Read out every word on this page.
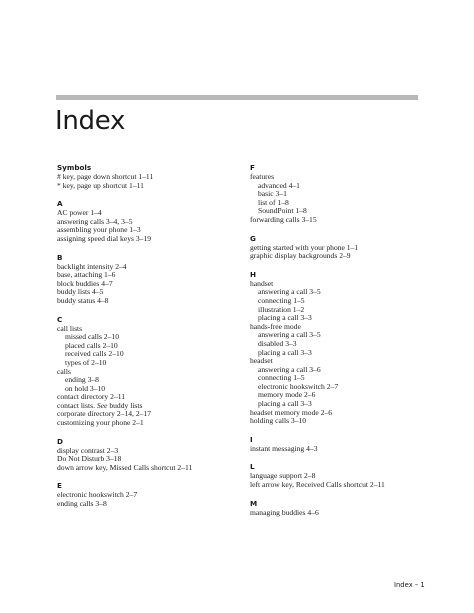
Index
Symbols
# key, page down shortcut 1–11
* key, page up shortcut 1–11
A
AC power 1–4
answering calls 3–4, 3–5
assembling your phone 1–3
assigning speed dial keys 3–19
B
backlight intensity 2–4
base, attaching 1–6
block buddies 4–7
buddy lists 4–5
buddy status 4–8
C
call lists
missed calls 2–10
placed calls 2–10
received calls 2–10
types of 2–10
calls
ending 3–8
on hold 3–10
contact directory 2–11
contact lists. See buddy lists
corporate directory 2–14, 2–17
customizing your phone 2–1
D
display contrast 2–3
Do Not Disturb 3–18
down arrow key, Missed Calls shortcut 2–11
E
electronic hookswitch 2–7
ending calls 3–8
F
features
advanced 4–1
basic 3–1
list of 1–8
SoundPoint 1–8
forwarding calls 3–15
G
getting started with your phone 1–1
graphic display backgrounds 2–9
H
handset
answering a call 3–5
connecting 1–5
illustration 1–2
placing a call 3–3
hands-free mode
answering a call 3–5
disabled 3–3
placing a call 3–3
headset
answering a call 3–6
connecting 1–5
electronic hookswitch 2–7
memory mode 2–6
placing a call 3–3
headset memory mode 2–6
holding calls 3–10
I
instant messaging 4–3
L
language support 2–8
left arrow key, Received Calls shortcut 2–11
M
managing buddies 4–6
Index – 1
